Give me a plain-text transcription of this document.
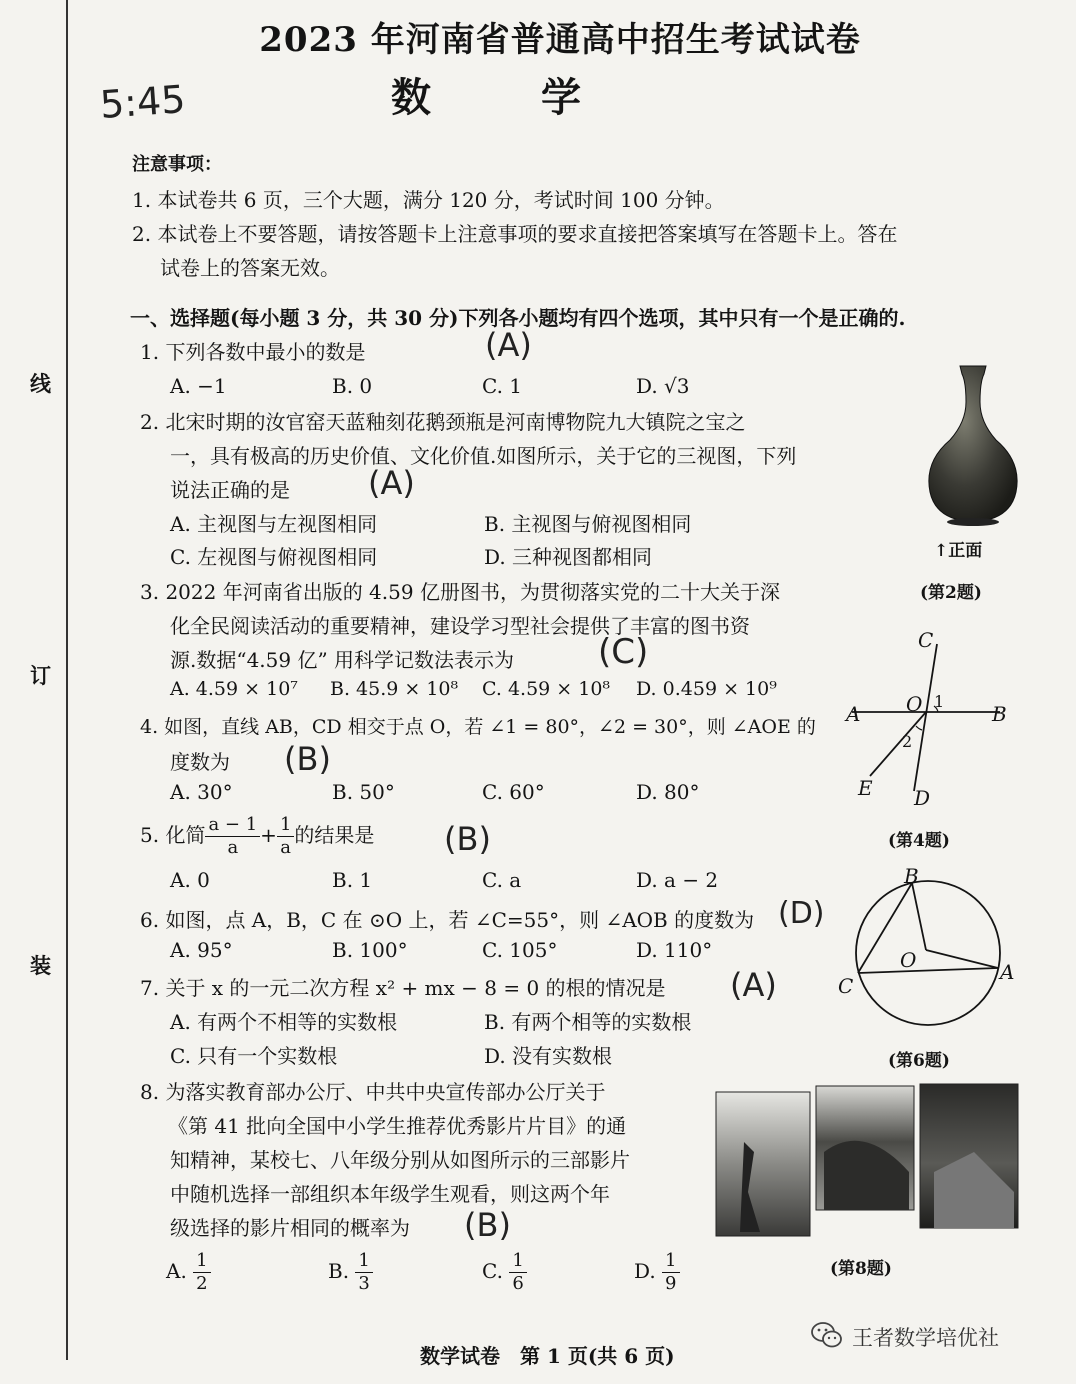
线
订
装
2023 年河南省普通高中招生考试试卷
数 学
5:45
注意事项：
1. 本试卷共 6 页，三个大题，满分 120 分，考试时间 100 分钟。
2. 本试卷上不要答题，请按答题卡上注意事项的要求直接把答案填写在答题卡上。答在
试卷上的答案无效。
一、选择题(每小题 3 分，共 30 分)下列各小题均有四个选项，其中只有一个是正确的.
1. 下列各数中最小的数是	(A)
A. −1	B. 0	C. 1	D. √3
2. 北宋时期的汝官窑天蓝釉刻花鹅颈瓶是河南博物院九大镇院之宝之
一，具有极高的历史价值、文化价值.如图所示，关于它的三视图，下列
说法正确的是 (A)
A. 主视图与左视图相同	B. 主视图与俯视图相同
C. 左视图与俯视图相同	D. 三种视图都相同
3. 2022 年河南省出版的 4.59 亿册图书，为贯彻落实党的二十大关于深
化全民阅读活动的重要精神，建设学习型社会提供了丰富的图书资
源.数据“4.59 亿” 用科学记数法表示为 (C)
A. 4.59 × 10⁷ B. 45.9 × 10⁸ C. 4.59 × 10⁸ D. 0.459 × 10⁹
4. 如图，直线 AB，CD 相交于点 O，若 ∠1 = 80°，∠2 = 30°，则 ∠AOE 的
度数为 (B)
A. 30°	B. 50°	C. 60°	D. 80°
5. 化简 $\frac{a - 1}{a} + \frac{1}{a}$ 的结果是 (B)
A. 0	B. 1	C. a	D. a − 2
6. 如图，点 A，B，C 在 ⊙O 上，若 ∠C=55°，则 ∠AOB 的度数为 (D)
A. 95°	B. 100°	C. 105°	D. 110°
7. 关于 x 的一元二次方程 x² + mx − 8 = 0 的根的情况是 (A)
A. 有两个不相等的实数根	B. 有两个相等的实数根
C. 只有一个实数根	D. 没有实数根
8. 为落实教育部办公厅、中共中央宣传部办公厅关于
《第 41 批向全国中小学生推荐优秀影片片目》的通
知精神，某校七、八年级分别从如图所示的三部影片
中随机选择一部组织本年级学生观看，则这两个年
级选择的影片相同的概率为 (B)
A. $\frac{1}{2}$	B. $\frac{1}{3}$	C. $\frac{1}{6}$	D. $\frac{1}{9}$
↑正面
(第2题)
C
A O 1
B
2
E D
(第4题)
B
O
C
A
(第6题)
(第8题)
数学试卷　第 1 页(共 6 页)
王者数学培优社
